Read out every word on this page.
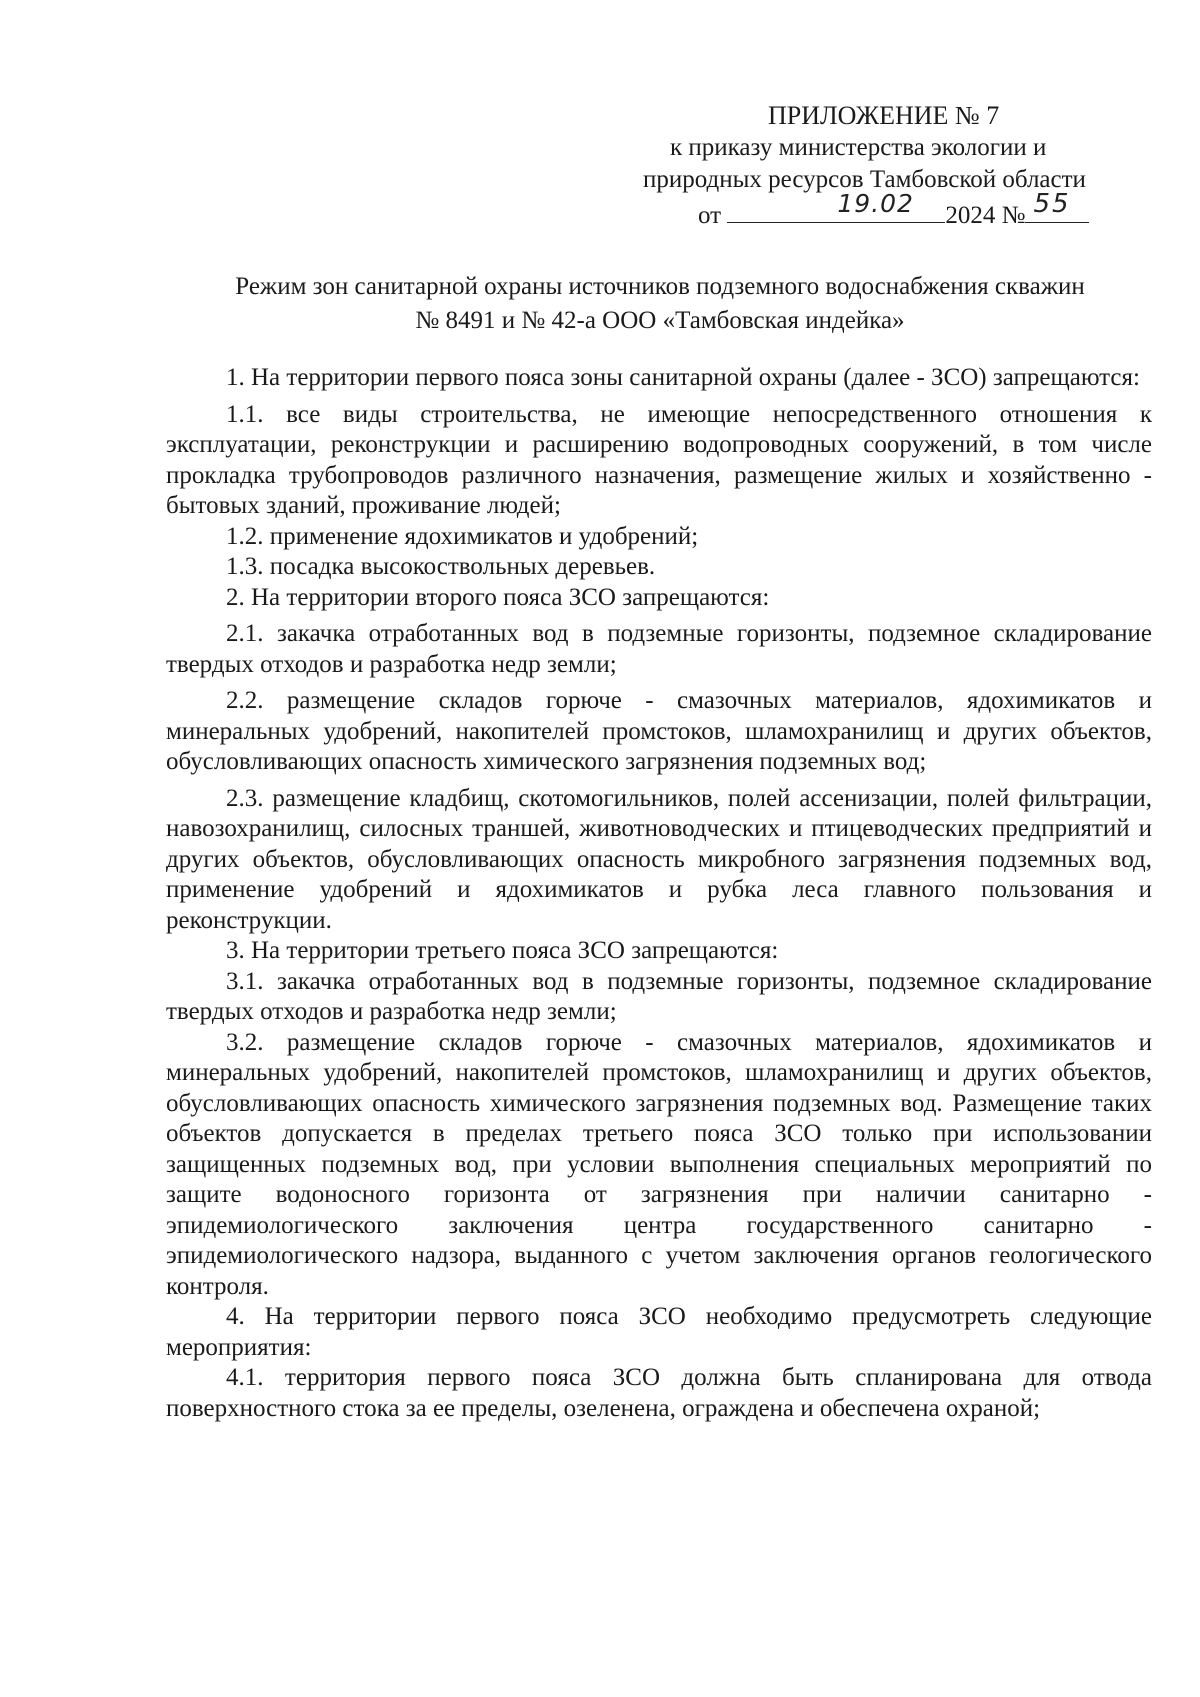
ПРИЛОЖЕНИЕ № 7
к приказу министерства экологии и
природных ресурсов Тамбовской области
от	19.02 2024 № 55
Режим зон санитарной охраны источников подземного водоснабжения скважин
№ 8491 и № 42-а ООО «Тамбовская индейка»

1. На территории первого пояса зоны санитарной охраны (далее - ЗСО) запрещаются:

1.1. все виды строительства, не имеющие непосредственного отношения к эксплуатации, реконструкции и расширению водопроводных сооружений, в том числе прокладка трубопроводов различного назначения, размещение жилых и хозяйственно - бытовых зданий, проживание людей;

1.2. применение ядохимикатов и удобрений;

1.3. посадка высокоствольных деревьев.

2. На территории второго пояса ЗСО запрещаются:

2.1. закачка отработанных вод в подземные горизонты, подземное складирование твердых отходов и разработка недр земли;

2.2. размещение складов горюче - смазочных материалов, ядохимикатов и минеральных удобрений, накопителей промстоков, шламохранилищ и других объектов, обусловливающих опасность химического загрязнения подземных вод;

2.3. размещение кладбищ, скотомогильников, полей ассенизации, полей фильтрации, навозохранилищ, силосных траншей, животноводческих и птицеводческих предприятий и других объектов, обусловливающих опасность микробного загрязнения подземных вод, применение удобрений и ядохимикатов и рубка леса главного пользования и реконструкции.

3. На территории третьего пояса ЗСО запрещаются:

3.1. закачка отработанных вод в подземные горизонты, подземное складирование твердых отходов и разработка недр земли;

3.2. размещение складов горюче - смазочных материалов, ядохимикатов и минеральных удобрений, накопителей промстоков, шламохранилищ и других объектов, обусловливающих опасность химического загрязнения подземных вод. Размещение таких объектов допускается в пределах третьего пояса ЗСО только при использовании защищенных подземных вод, при условии выполнения специальных мероприятий по защите водоносного горизонта от загрязнения при наличии санитарно - эпидемиологического заключения центра государственного санитарно - эпидемиологического надзора, выданного с учетом заключения органов геологического контроля.

4. На территории первого пояса ЗСО необходимо предусмотреть следующие мероприятия:

4.1. территория первого пояса ЗСО должна быть спланирована для отвода поверхностного стока за ее пределы, озеленена, ограждена и обеспечена охраной;
